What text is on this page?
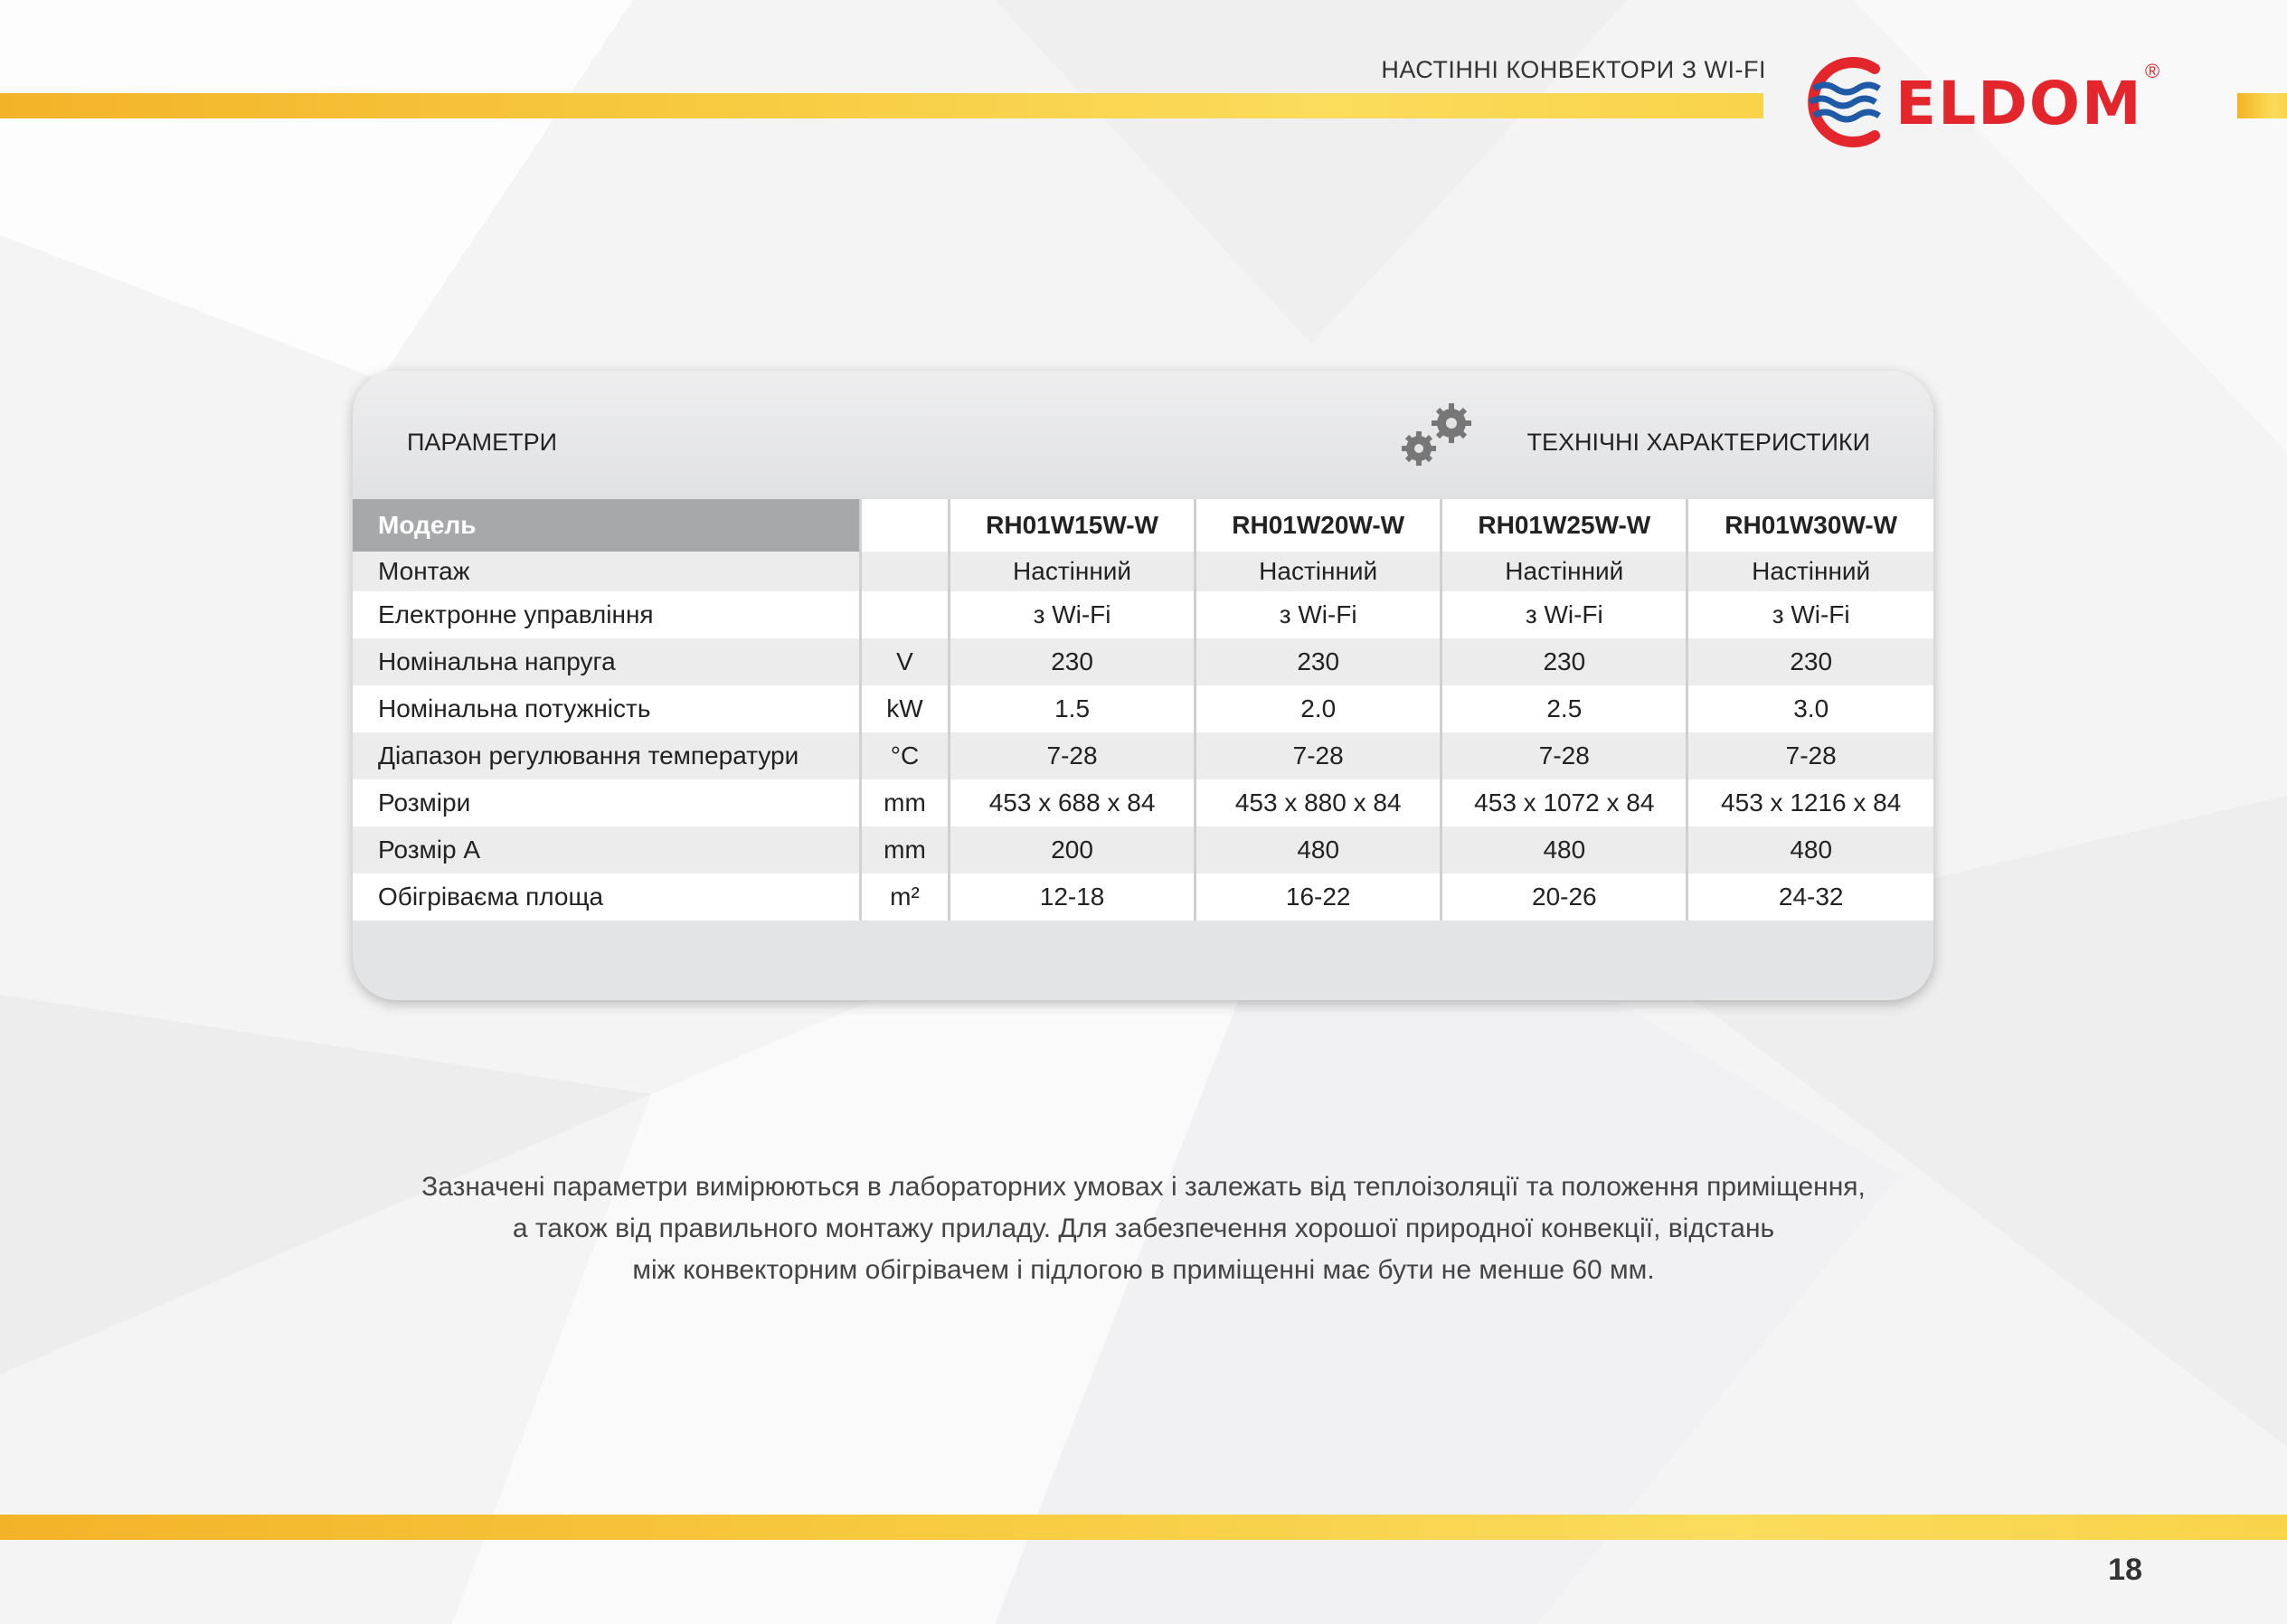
НАСТІННІ КОНВЕКТОРИ З WI-FI ELDOM ®
ПАРАМЕТРИ	ТЕХНІЧНІ ХАРАКТЕРИСТИКИ
Модель		RH01W15W-W	RH01W20W-W	RH01W25W-W	RH01W30W-W
Монтаж		Настінний	Настінний	Настінний	Настінний
Електронне управління		з Wi-Fi	з Wi-Fi	з Wi-Fi	з Wi-Fi
Номінальна напруга	V	230	230	230	230
Номінальна потужність	kW	1.5	2.0	2.5	3.0
Діапазон регулювання температури	°C	7-28	7-28	7-28	7-28
Розміри	mm	453 x 688 x 84	453 x 880 x 84	453 x 1072 x 84	453 x 1216 x 84
Розмір А	mm	200	480	480	480
Обігріваєма площа	m²	12-18	16-22	20-26	24-32
Зазначені параметри вимірюються в лабораторних умовах і залежать від теплоізоляції та положення приміщення,
а також від правильного монтажу приладу. Для забезпечення хорошої природної конвекції, відстань
між конвекторним обігрівачем і підлогою в приміщенні має бути не менше 60 мм.
18
